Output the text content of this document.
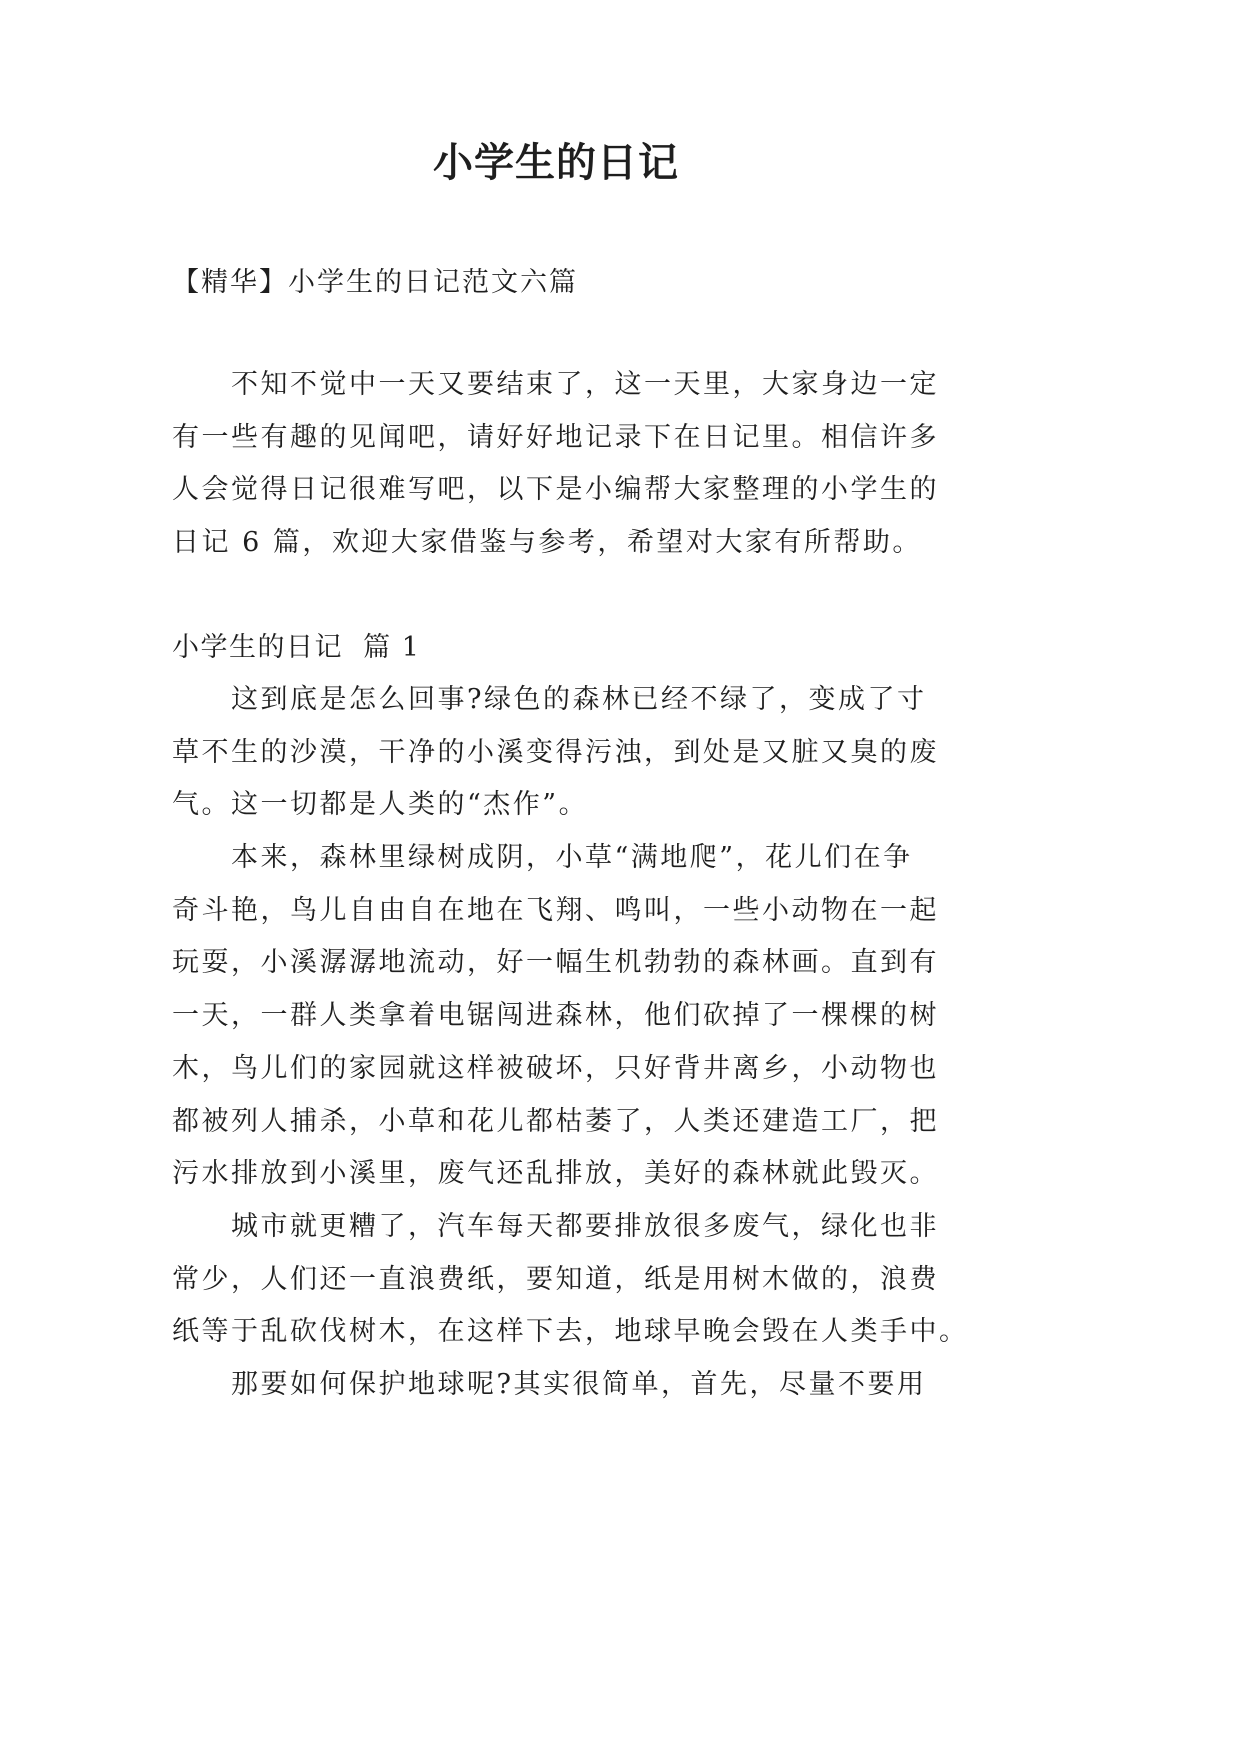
小学生的日记
【精华】小学生的日记范文六篇
不知不觉中一天又要结束了，这一天里，大家身边一定
有一些有趣的见闻吧，请好好地记录下在日记里。相信许多
人会觉得日记很难写吧，以下是小编帮大家整理的小学生的
日记 6 篇，欢迎大家借鉴与参考，希望对大家有所帮助。
小学生的日记  篇 1
这到底是怎么回事?绿色的森林已经不绿了，变成了寸
草不生的沙漠，干净的小溪变得污浊，到处是又脏又臭的废
气。这一切都是人类的“杰作”。
本来，森林里绿树成阴，小草“满地爬”，花儿们在争
奇斗艳，鸟儿自由自在地在飞翔、鸣叫，一些小动物在一起
玩耍，小溪潺潺地流动，好一幅生机勃勃的森林画。直到有
一天，一群人类拿着电锯闯进森林，他们砍掉了一棵棵的树
木，鸟儿们的家园就这样被破坏，只好背井离乡，小动物也
都被列人捕杀，小草和花儿都枯萎了，人类还建造工厂，把
污水排放到小溪里，废气还乱排放，美好的森林就此毁灭。
城市就更糟了，汽车每天都要排放很多废气，绿化也非
常少，人们还一直浪费纸，要知道，纸是用树木做的，浪费
纸等于乱砍伐树木，在这样下去，地球早晚会毁在人类手中。
那要如何保护地球呢?其实很简单，首先，尽量不要用
